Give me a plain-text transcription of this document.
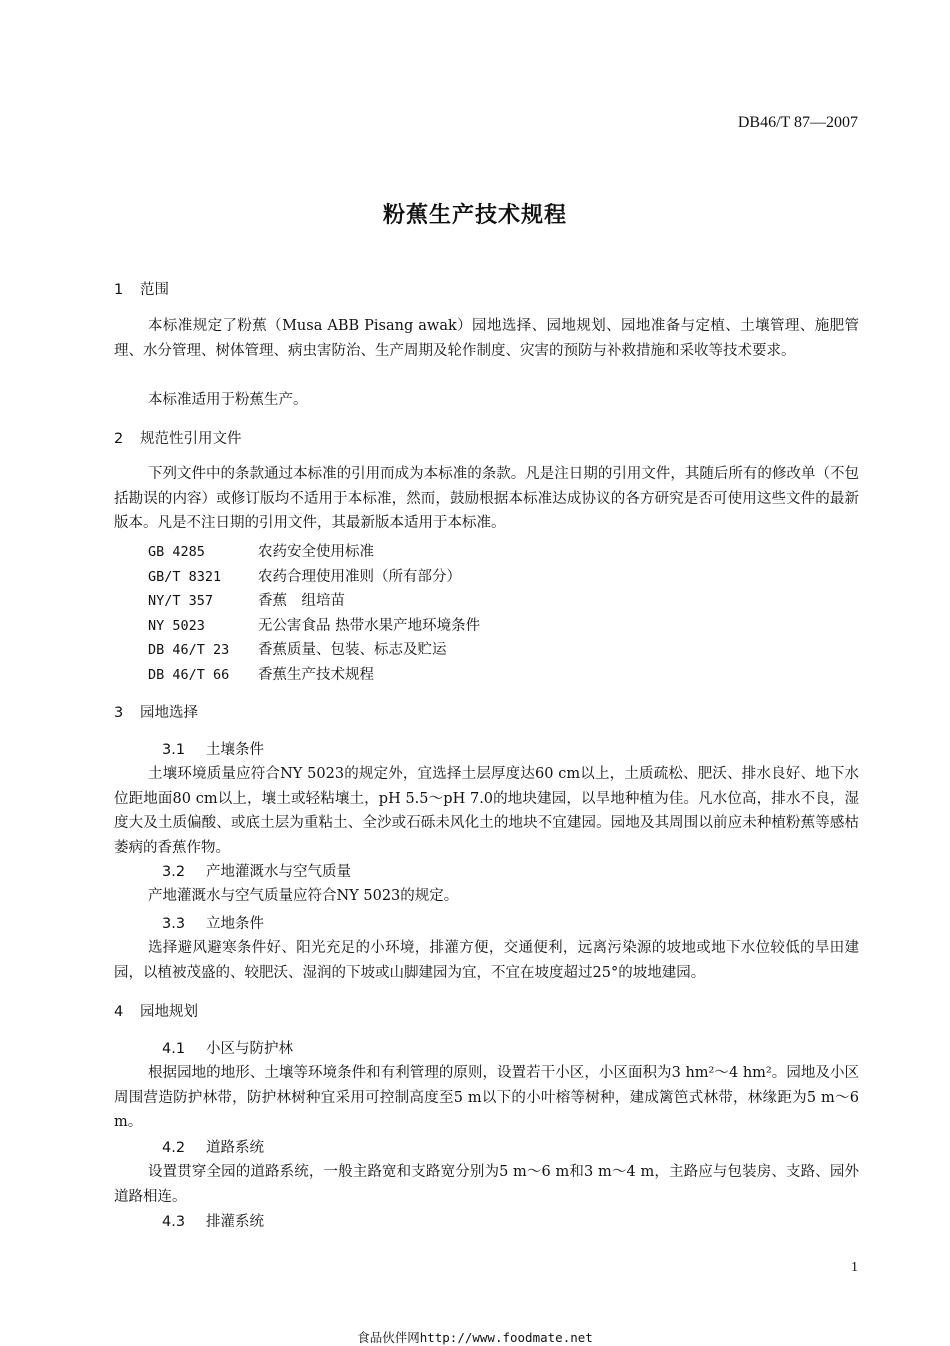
DB46/T 87—2007
粉蕉生产技术规程
1 范围
本标准规定了粉蕉（Musa ABB Pisang awak）园地选择、园地规划、园地准备与定植、土壤管理、施肥管理、水分管理、树体管理、病虫害防治、生产周期及轮作制度、灾害的预防与补救措施和采收等技术要求。
本标准适用于粉蕉生产。
2 规范性引用文件
下列文件中的条款通过本标准的引用而成为本标准的条款。凡是注日期的引用文件，其随后所有的修改单（不包括勘误的内容）或修订版均不适用于本标准，然而，鼓励根据本标准达成协议的各方研究是否可使用这些文件的最新版本。凡是不注日期的引用文件，其最新版本适用于本标准。
GB 4285	农药安全使用标准
GB/T 8321	农药合理使用准则（所有部分）
NY/T 357	香蕉　组培苗
NY 5023	无公害食品 热带水果产地环境条件
DB 46/T 23 香蕉质量、包装、标志及贮运
DB 46/T 66 香蕉生产技术规程
3 园地选择
3.1 土壤条件
土壤环境质量应符合NY 5023的规定外，宜选择土层厚度达60 cm以上，土质疏松、肥沃、排水良好、地下水位距地面80 cm以上，壤土或轻粘壤土，pH 5.5～pH 7.0的地块建园，以旱地种植为佳。凡水位高，排水不良，湿度大及土质偏酸、或底土层为重粘土、全沙或石砾未风化土的地块不宜建园。园地及其周围以前应未种植粉蕉等感枯萎病的香蕉作物。
3.2 产地灌溉水与空气质量
产地灌溉水与空气质量应符合NY 5023的规定。
3.3 立地条件
选择避风避寒条件好、阳光充足的小环境，排灌方便，交通便利，远离污染源的坡地或地下水位较低的旱田建园，以植被茂盛的、较肥沃、湿润的下坡或山脚建园为宜，不宜在坡度超过25°的坡地建园。
4 园地规划
4.1 小区与防护林
根据园地的地形、土壤等环境条件和有利管理的原则，设置若干小区，小区面积为3 hm²～4 hm²。园地及小区周围营造防护林带，防护林树种宜采用可控制高度至5 m以下的小叶榕等树种，建成篱笆式林带，林缘距为5 m～6 m。
4.2 道路系统
设置贯穿全园的道路系统，一般主路宽和支路宽分别为5 m～6 m和3 m～4 m，主路应与包装房、支路、园外道路相连。
4.3 排灌系统
1
食品伙伴网http://www.foodmate.net
